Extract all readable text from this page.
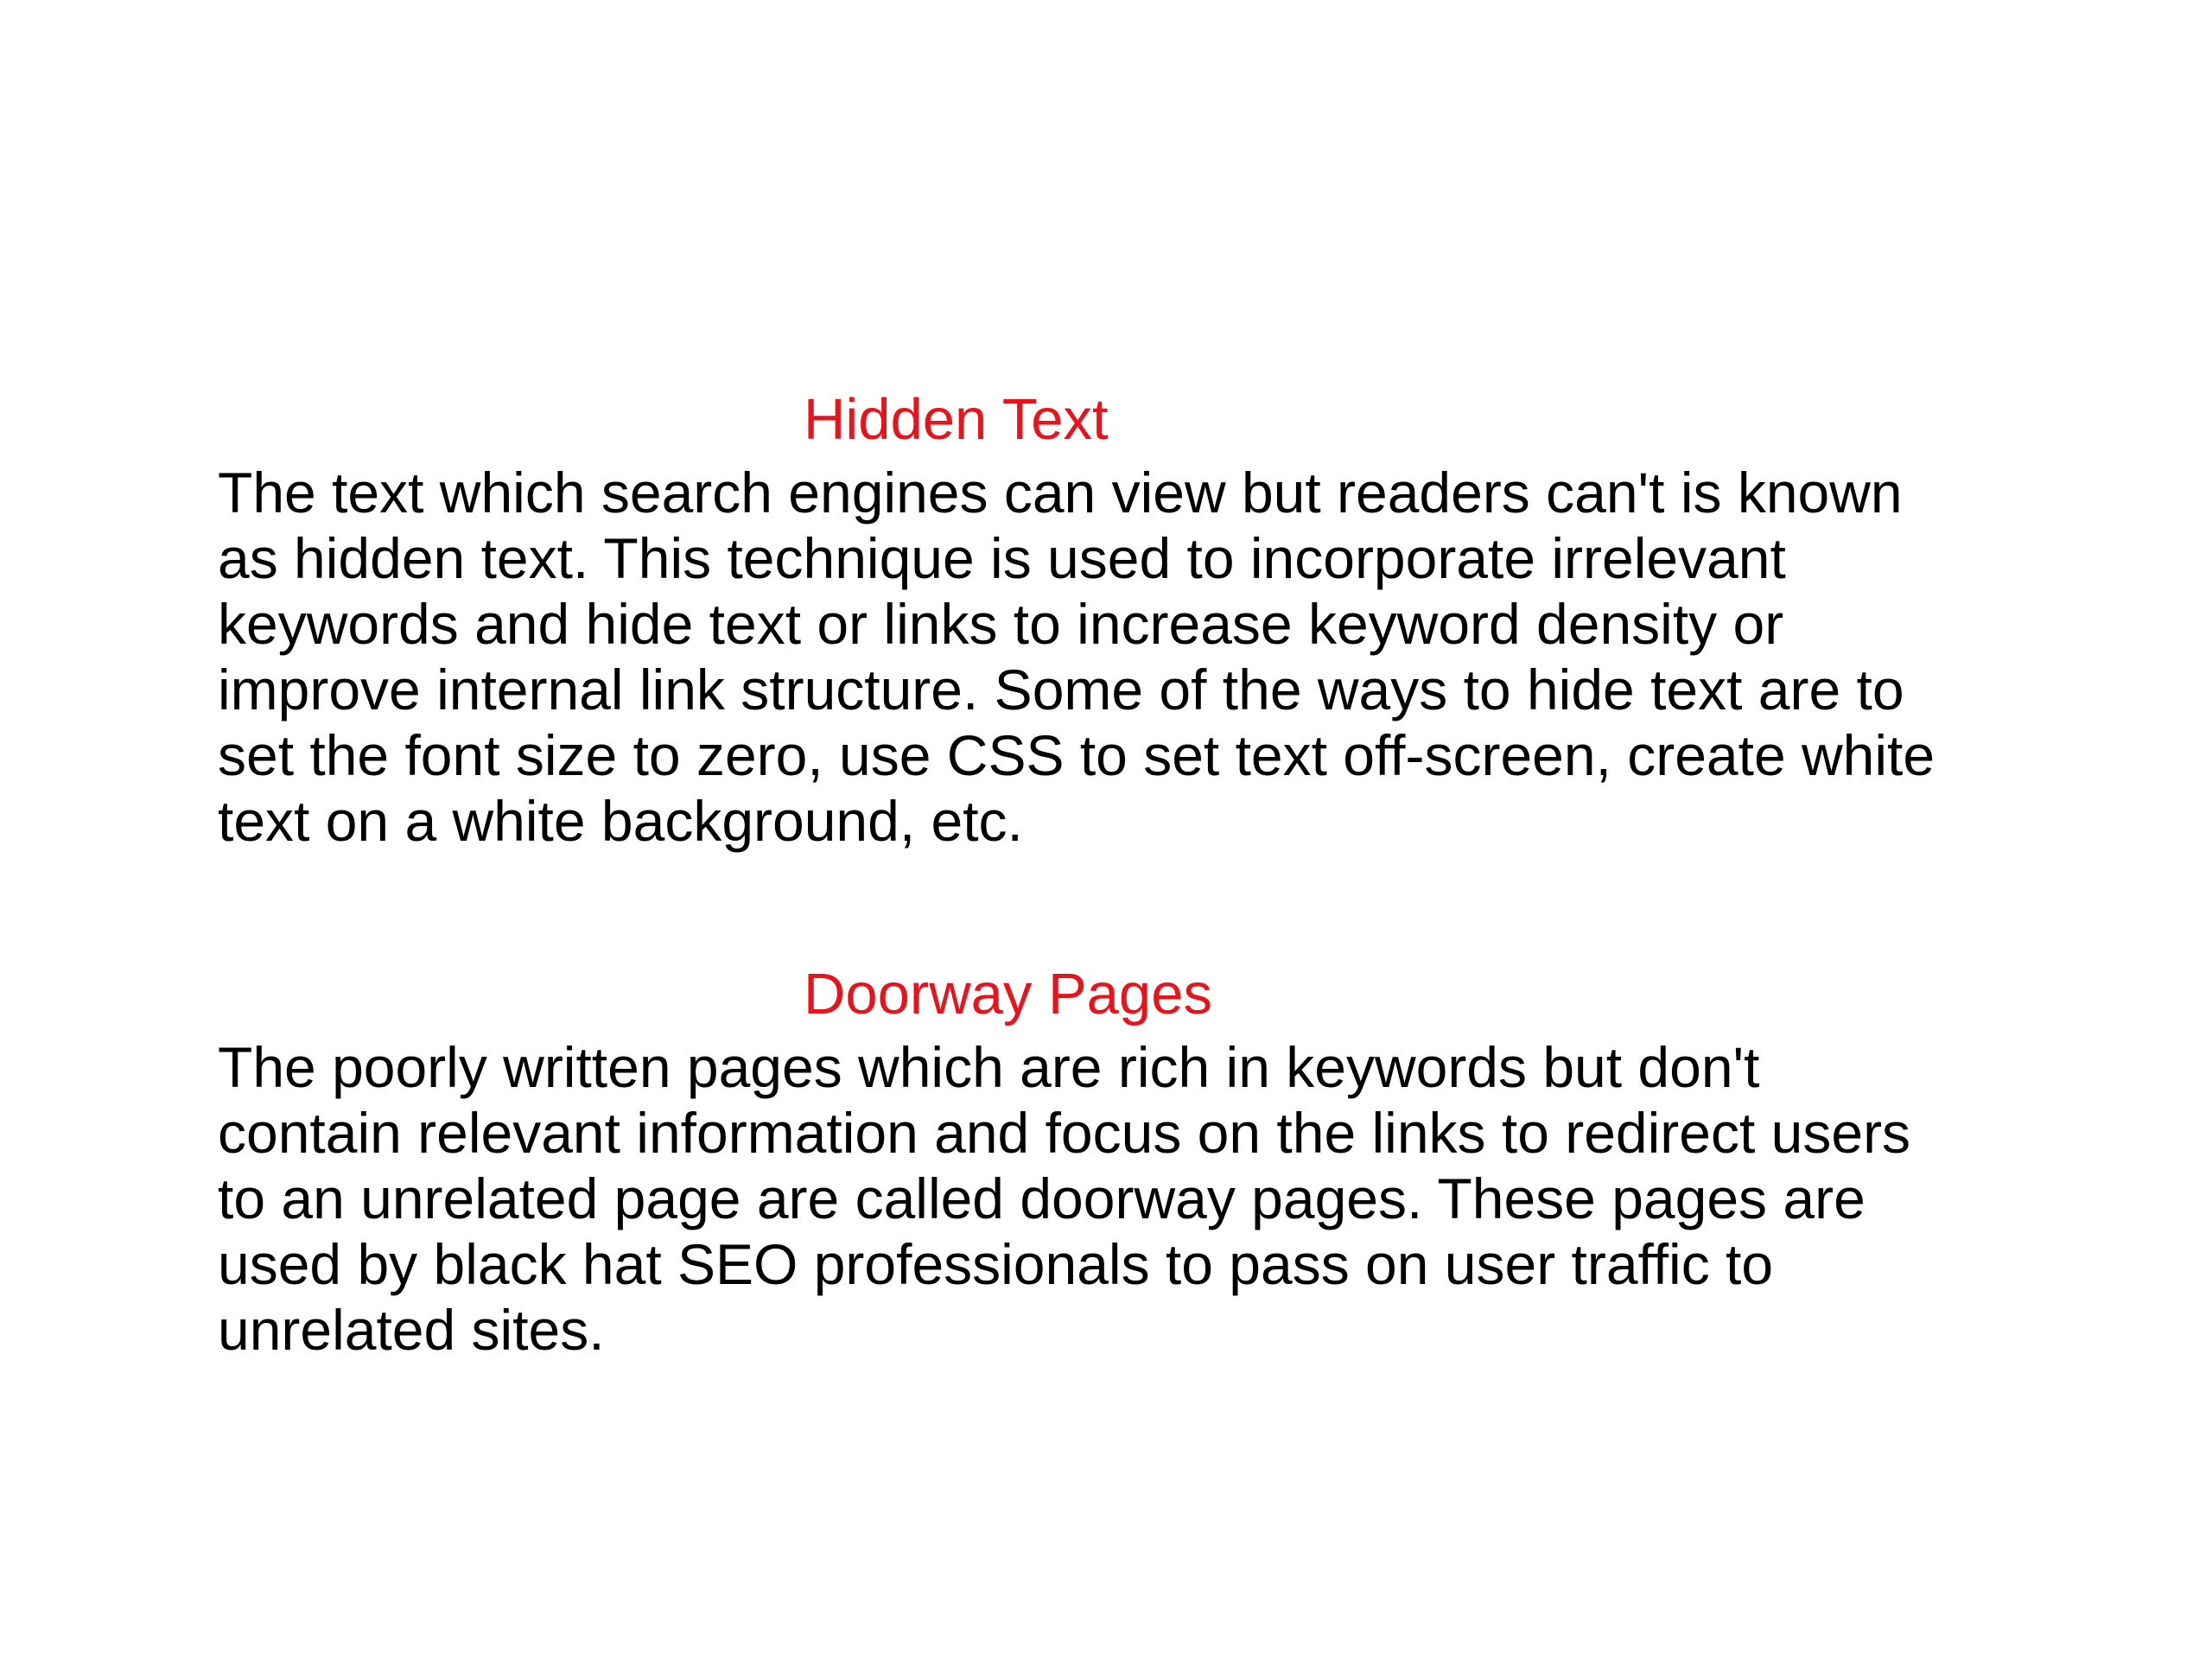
Hidden Text

The text which search engines can view but readers can't is known
as hidden text. This technique is used to incorporate irrelevant
keywords and hide text or links to increase keyword density or
improve internal link structure. Some of the ways to hide text are to
set the font size to zero, use CSS to set text off-screen, create white
text on a white background, etc.

Doorway Pages

The poorly written pages which are rich in keywords but don't
contain relevant information and focus on the links to redirect users
to an unrelated page are called doorway pages. These pages are
used by black hat SEO professionals to pass on user traffic to
unrelated sites.
